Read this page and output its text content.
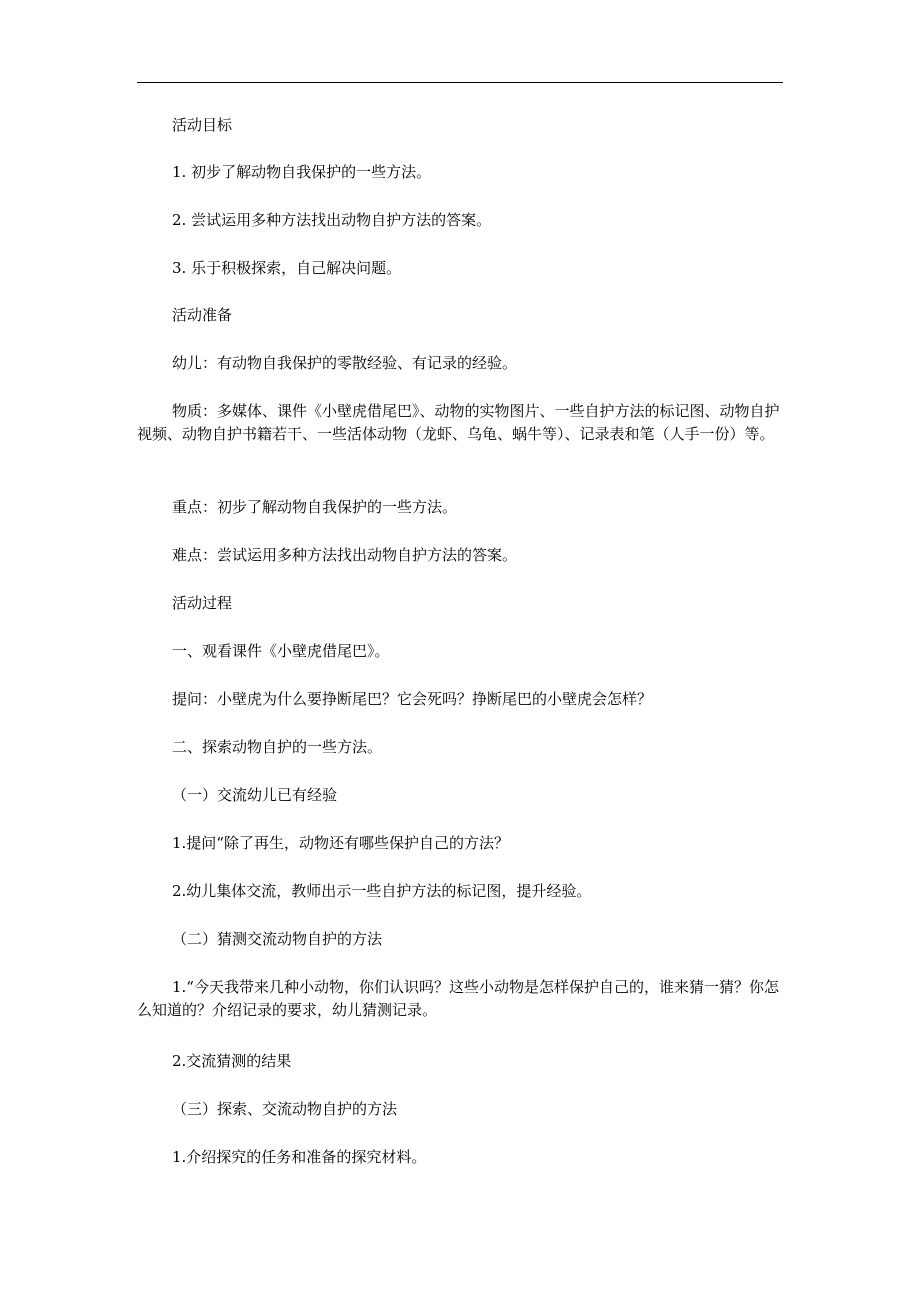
活动目标
1. 初步了解动物自我保护的一些方法。
2. 尝试运用多种方法找出动物自护方法的答案。
3. 乐于积极探索，自己解决问题。
活动准备
幼儿：有动物自我保护的零散经验、有记录的经验。
物质：多媒体、课件《小壁虎借尾巴》、动物的实物图片、一些自护方法的标记图、动物自护视频、动物自护书籍若干、一些活体动物（龙虾、乌龟、蜗牛等）、记录表和笔（人手一份）等。
重点：初步了解动物自我保护的一些方法。
难点：尝试运用多种方法找出动物自护方法的答案。
活动过程
一、观看课件《小壁虎借尾巴》。
提问：小壁虎为什么要挣断尾巴？它会死吗？挣断尾巴的小壁虎会怎样？
二、探索动物自护的一些方法。
（一）交流幼儿已有经验
1.提问“除了再生，动物还有哪些保护自己的方法？
2.幼儿集体交流，教师出示一些自护方法的标记图，提升经验。
（二）猜测交流动物自护的方法
1.“今天我带来几种小动物，你们认识吗？这些小动物是怎样保护自己的，谁来猜一猜？你怎么知道的？介绍记录的要求，幼儿猜测记录。
2.交流猜测的结果
（三）探索、交流动物自护的方法
1.介绍探究的任务和准备的探究材料。
